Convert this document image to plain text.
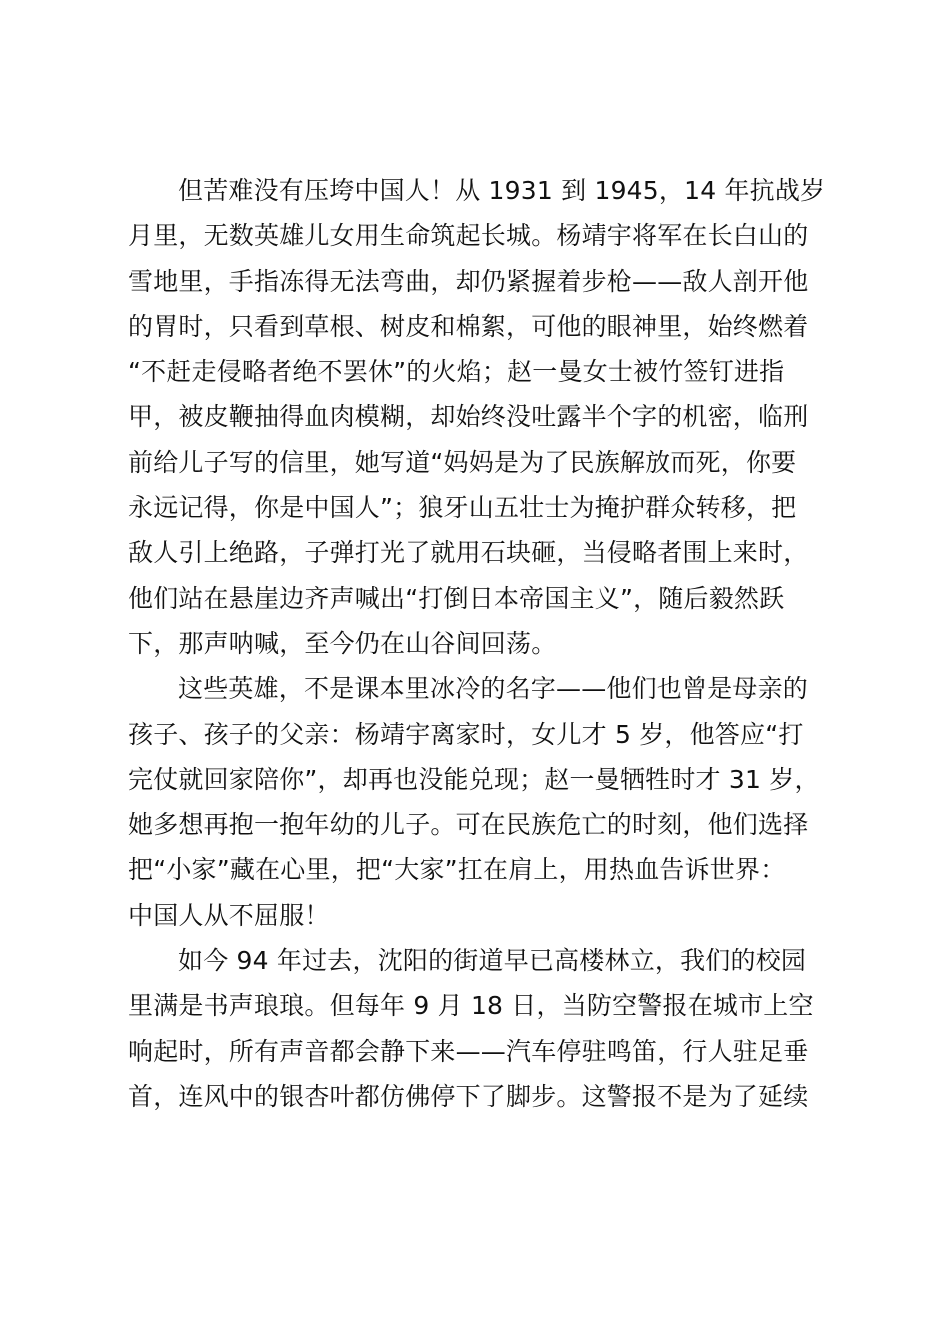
但苦难没有压垮中国人！从 1931 到 1945，14 年抗战岁
月里，无数英雄儿女用生命筑起长城。杨靖宇将军在长白山的
雪地里，手指冻得无法弯曲，却仍紧握着步枪——敌人剖开他
的胃时，只看到草根、树皮和棉絮，可他的眼神里，始终燃着
“不赶走侵略者绝不罢休”的火焰；赵一曼女士被竹签钉进指
甲，被皮鞭抽得血肉模糊，却始终没吐露半个字的机密，临刑
前给儿子写的信里，她写道“妈妈是为了民族解放而死，你要
永远记得，你是中国人”；狼牙山五壮士为掩护群众转移，把
敌人引上绝路，子弹打光了就用石块砸，当侵略者围上来时，
他们站在悬崖边齐声喊出“打倒日本帝国主义”，随后毅然跃
下，那声呐喊，至今仍在山谷间回荡。
这些英雄，不是课本里冰冷的名字——他们也曾是母亲的
孩子、孩子的父亲：杨靖宇离家时，女儿才 5 岁，他答应“打
完仗就回家陪你”，却再也没能兑现；赵一曼牺牲时才 31 岁，
她多想再抱一抱年幼的儿子。可在民族危亡的时刻，他们选择
把“小家”藏在心里，把“大家”扛在肩上，用热血告诉世界：
中国人从不屈服！
如今 94 年过去，沈阳的街道早已高楼林立，我们的校园
里满是书声琅琅。但每年 9 月 18 日，当防空警报在城市上空
响起时，所有声音都会静下来——汽车停驻鸣笛，行人驻足垂
首，连风中的银杏叶都仿佛停下了脚步。这警报不是为了延续
